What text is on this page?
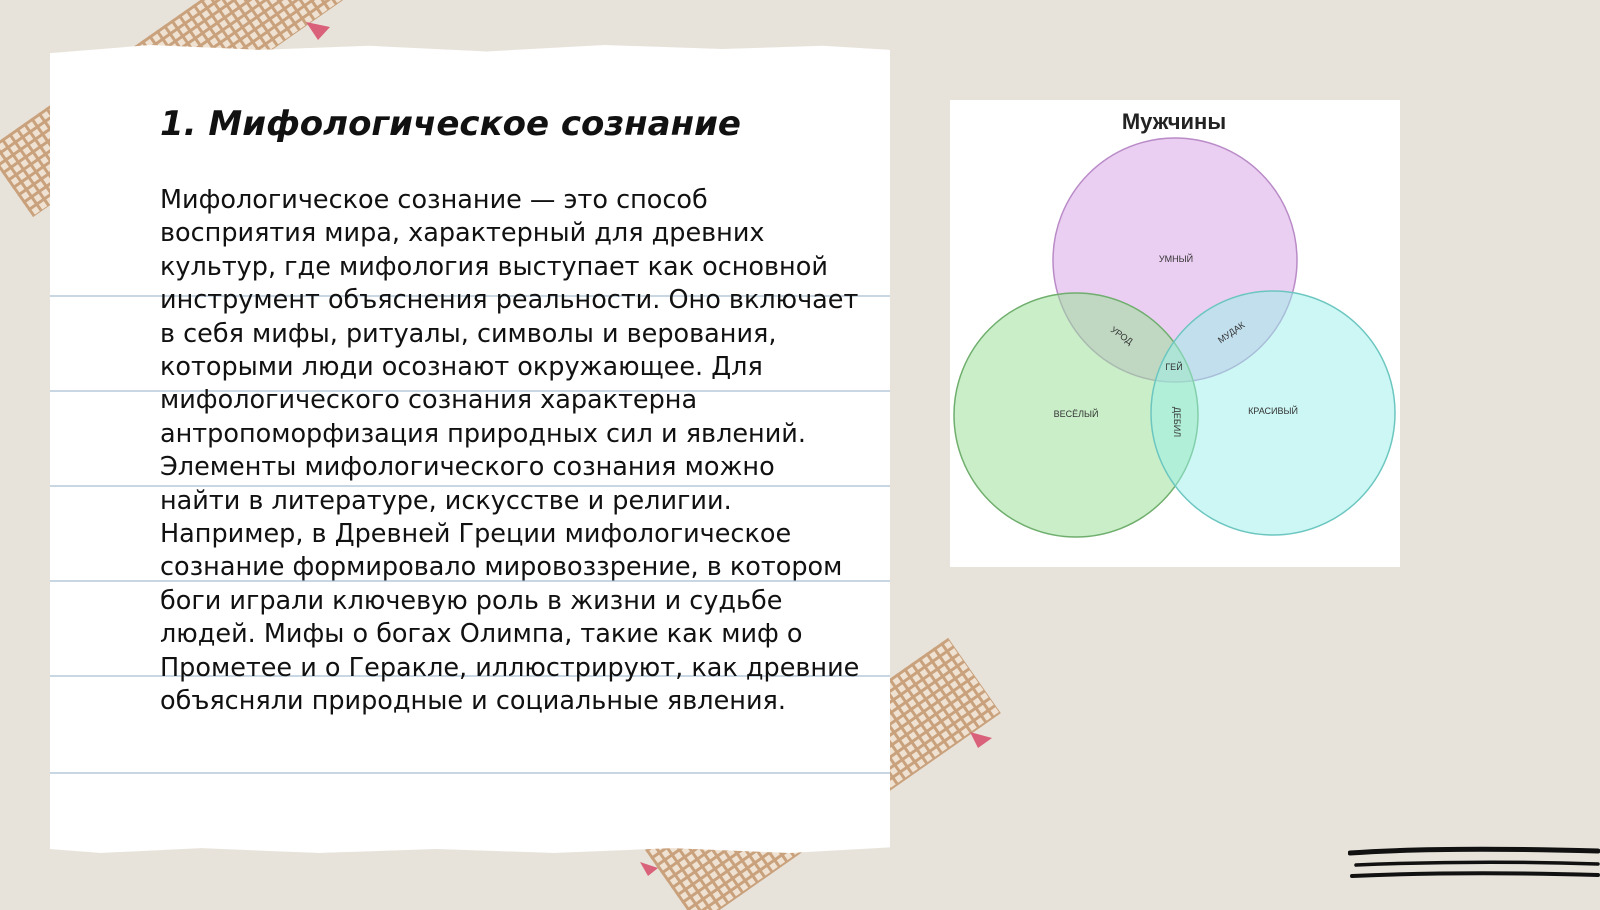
1. Мифологическое сознание

Мифологическое сознание — это способ восприятия мира, характерный для древних культур, где мифология выступает как основной инструмент объяснения реальности. Оно включает в себя мифы, ритуалы, символы и верования, которыми люди осознают окружающее. Для мифологического сознания характерна антропоморфизация природных сил и явлений. Элементы мифологического сознания можно найти в литературе, искусстве и религии. Например, в Древней Греции мифологическое сознание формировало мировоззрение, в котором боги играли ключевую роль в жизни и судьбе людей. Мифы о богах Олимпа, такие как миф о Прометее и о Геракле, иллюстрируют, как древние объясняли природные и социальные явления.

Мужчины
УМНЫЙ
ВЕСЁЛЫЙ	КРАСИВЫЙ
УРОД	МУДАК
ДЕБИЛ
ГЕЙ
